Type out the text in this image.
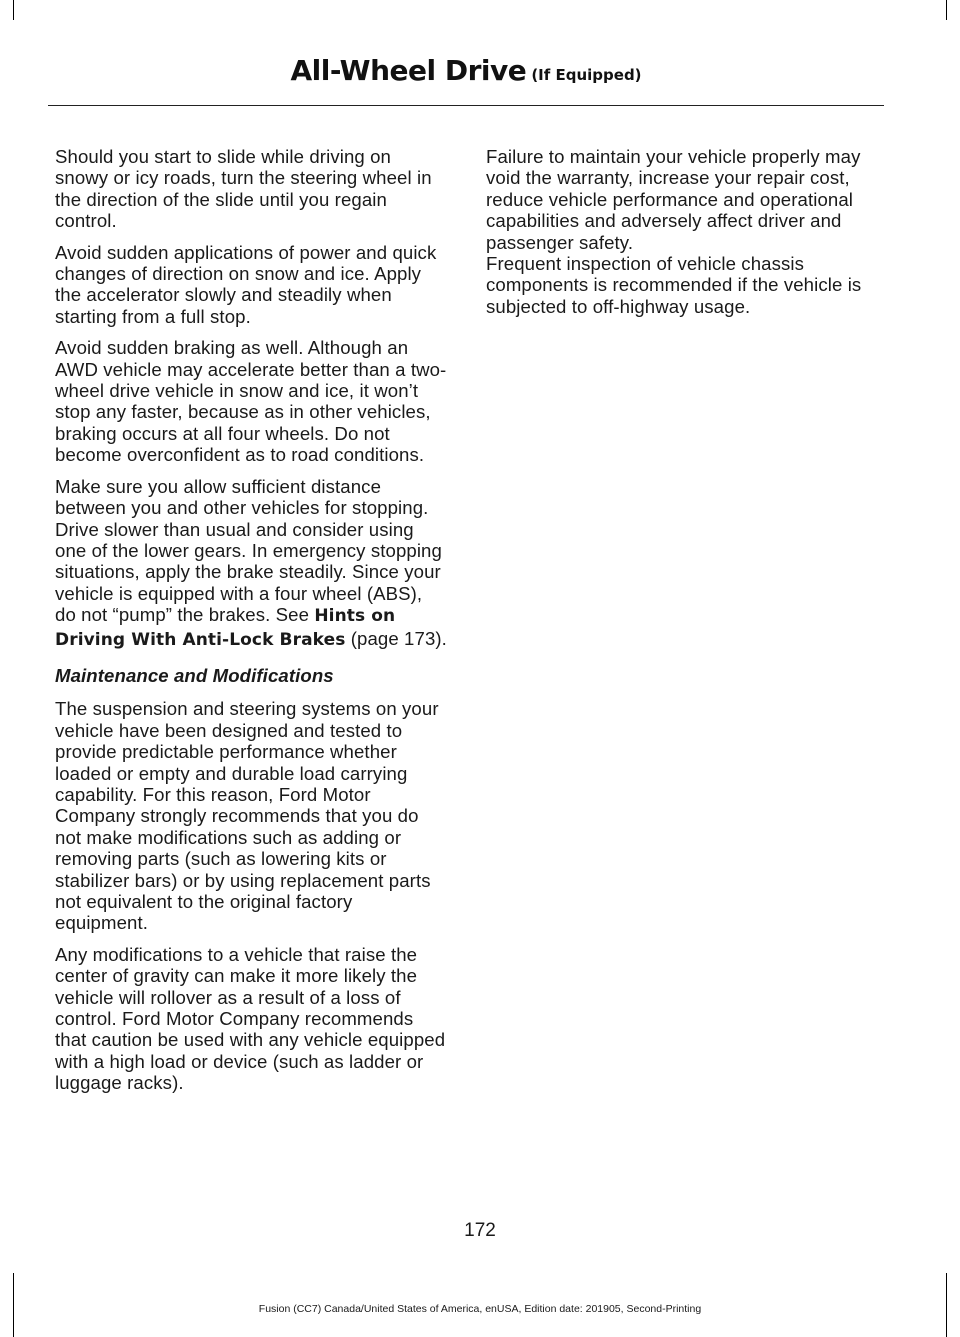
All-Wheel Drive (If Equipped)

Should you start to slide while driving on snowy or icy roads, turn the steering wheel in the direction of the slide until you regain control.

Avoid sudden applications of power and quick changes of direction on snow and ice. Apply the accelerator slowly and steadily when starting from a full stop.

Avoid sudden braking as well. Although an AWD vehicle may accelerate better than a two-wheel drive vehicle in snow and ice, it won’t stop any faster, because as in other vehicles, braking occurs at all four wheels. Do not become overconfident as to road conditions.

Make sure you allow sufficient distance between you and other vehicles for stopping. Drive slower than usual and consider using one of the lower gears. In emergency stopping situations, apply the brake steadily. Since your vehicle is equipped with a four wheel (ABS), do not “pump” the brakes. See Hints on Driving With Anti-Lock Brakes (page 173).

Maintenance and Modifications

The suspension and steering systems on your vehicle have been designed and tested to provide predictable performance whether loaded or empty and durable load carrying capability. For this reason, Ford Motor Company strongly recommends that you do not make modifications such as adding or removing parts (such as lowering kits or stabilizer bars) or by using replacement parts not equivalent to the original factory equipment.

Any modifications to a vehicle that raise the center of gravity can make it more likely the vehicle will rollover as a result of a loss of control. Ford Motor Company recommends that caution be used with any vehicle equipped with a high load or device (such as ladder or luggage racks).

Failure to maintain your vehicle properly may void the warranty, increase your repair cost, reduce vehicle performance and operational capabilities and adversely affect driver and passenger safety.

Frequent inspection of vehicle chassis components is recommended if the vehicle is subjected to off-highway usage.

172
Fusion (CC7) Canada/United States of America, enUSA, Edition date: 201905, Second-Printing
